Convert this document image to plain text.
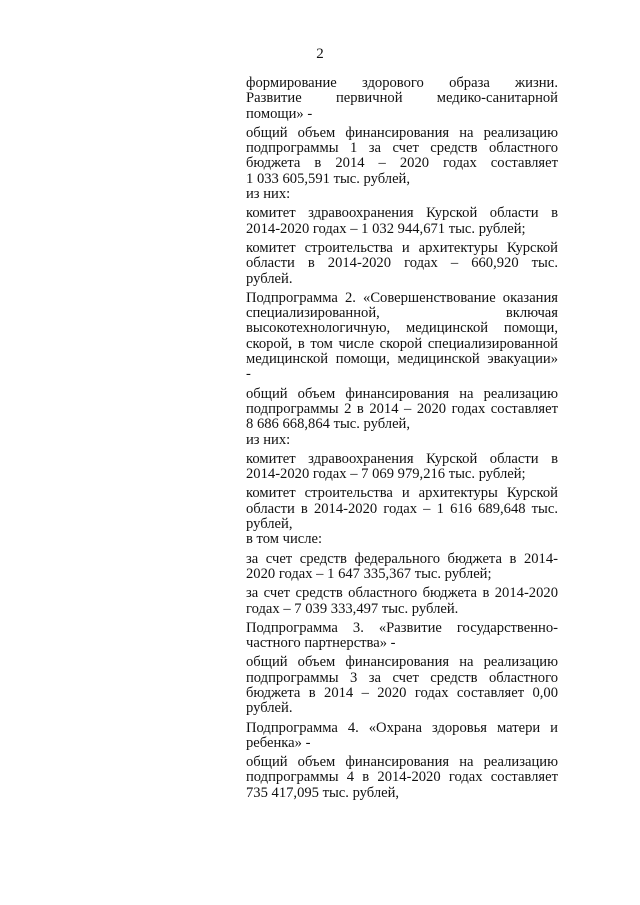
2
формирование здорового образа жизни.
Развитие первичной медико-санитарной
помощи» -
общий объем финансирования на реализацию
подпрограммы 1 за счет средств областного
бюджета в 2014 – 2020 годах составляет
1 033 605,591 тыс. рублей,
из них:
комитет здравоохранения Курской области в
2014-2020 годах – 1 032 944,671 тыс. рублей;
комитет строительства и архитектуры Курской
области в 2014-2020 годах – 660,920 тыс.
рублей.
Подпрограмма 2. «Совершенствование оказания
специализированной, включая
высокотехнологичную, медицинской помощи,
скорой, в том числе скорой специализированной
медицинской помощи, медицинской эвакуации»
-
общий объем финансирования на реализацию
подпрограммы 2 в 2014 – 2020 годах составляет
8 686 668,864 тыс. рублей,
из них:
комитет здравоохранения Курской области в
2014-2020 годах – 7 069 979,216 тыс. рублей;
комитет строительства и архитектуры Курской
области в 2014-2020 годах – 1 616 689,648 тыс.
рублей,
в том числе:
за счет средств федерального бюджета в 2014-
2020 годах – 1 647 335,367 тыс. рублей;
за счет средств областного бюджета в 2014-2020
годах – 7 039 333,497 тыс. рублей.
Подпрограмма 3. «Развитие государственно-
частного партнерства» -
общий объем финансирования на реализацию
подпрограммы 3 за счет средств областного
бюджета в 2014 – 2020 годах составляет 0,00
рублей.
Подпрограмма 4. «Охрана здоровья матери и
ребенка» -
общий объем финансирования на реализацию
подпрограммы 4 в 2014-2020 годах составляет
735 417,095 тыс. рублей,
